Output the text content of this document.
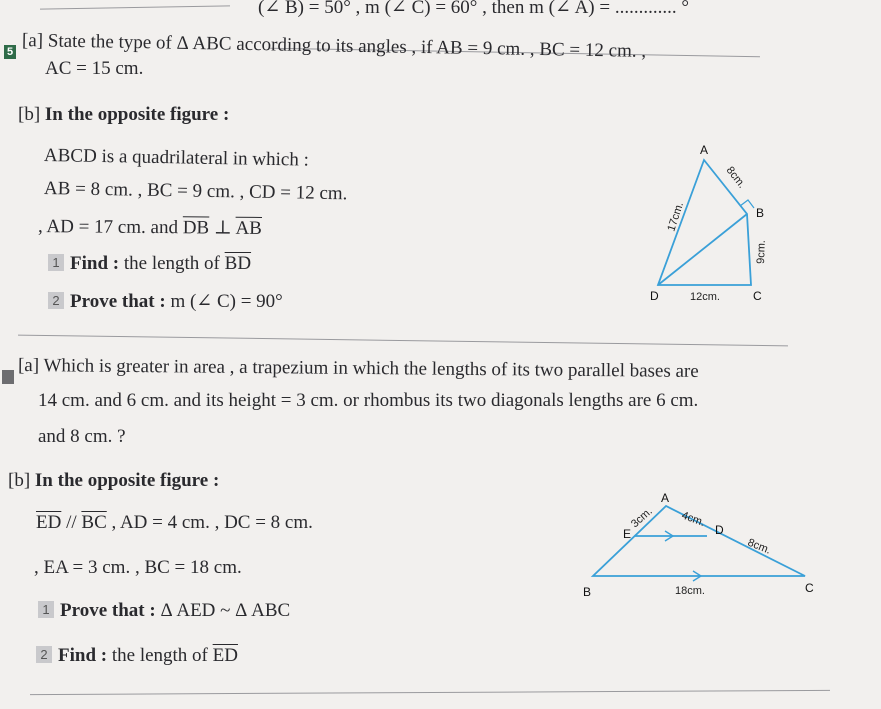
(∠ B) = 50° , m (∠ C) = 60° , then m (∠ A) = ............. °
5
[a] State the type of Δ ABC according to its angles , if AB = 9 cm. , BC = 12 cm. ,
AC = 15 cm.
[b] In the opposite figure :
ABCD is a quadrilateral in which :
AB = 8 cm. , BC = 9 cm. , CD = 12 cm.
, AD = 17 cm. and $\overline{DB}$ ⊥ $\overline{AB}$
1 Find : the length of $\overline{BD}$
2 Prove that : m (∠ C) = 90°
A
B
C
D
8cm.
17cm.
9cm.
12cm.
[a] Which is greater in area , a trapezium in which the lengths of its two parallel bases are
14 cm. and 6 cm. and its height = 3 cm. or rhombus its two diagonals lengths are 6 cm.
and 8 cm. ?
[b] In the opposite figure :
$\overline{ED} // \overline{BC}$ , AD = 4 cm. , DC = 8 cm.
, EA = 3 cm. , BC = 18 cm.
1 Prove that : Δ AED ~ Δ ABC
2 Find : the length of $\overline{ED}$
A
B	C
D
E
3cm. 4cm.
8cm.
18cm.
